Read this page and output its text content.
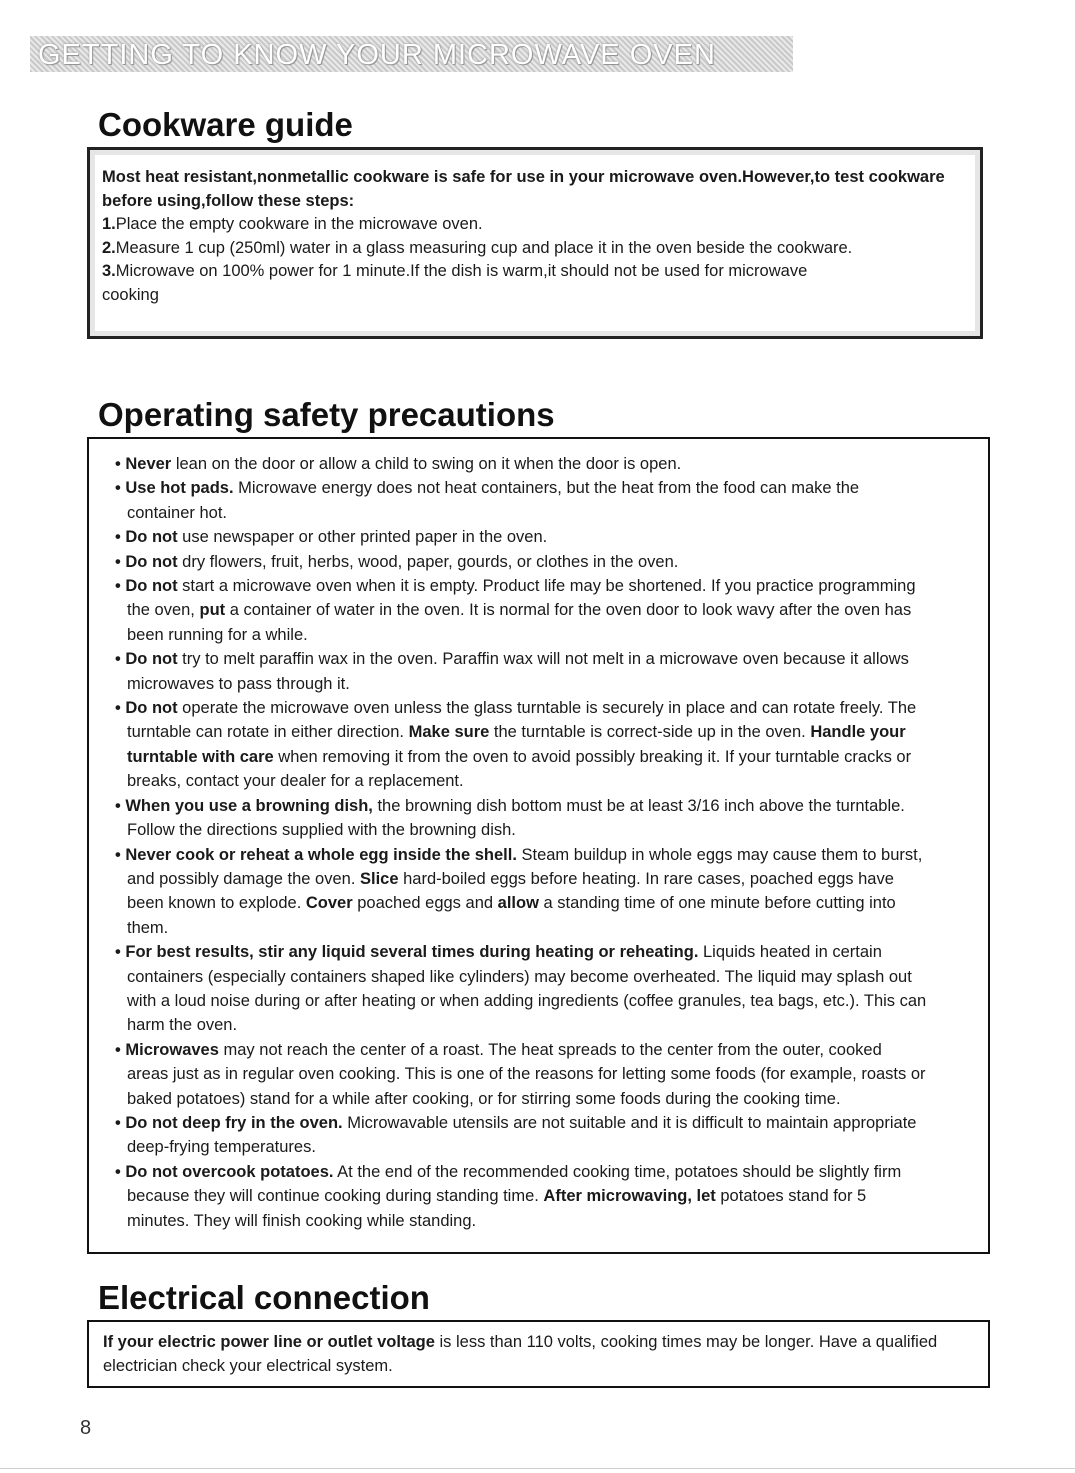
GETTING TO KNOW YOUR MICROWAVE OVEN
Cookware guide

Most heat resistant,nonmetallic cookware is safe for use in your microwave oven.However,to test cookware before using,follow these steps:

1.Place the empty cookware in the microwave oven.

2.Measure 1 cup (250ml) water in a glass measuring cup and place it in the oven beside the cookware.

3.Microwave on 100% power for 1 minute.If the dish is warm,it should not be used for microwave cooking

Operating safety precautions
• Never lean on the door or allow a child to swing on it when the door is open.
• Use hot pads. Microwave energy does not heat containers, but the heat from the food can make the
container hot.
• Do not use newspaper or other printed paper in the oven.
• Do not dry flowers, fruit, herbs, wood, paper, gourds, or clothes in the oven.
• Do not start a microwave oven when it is empty. Product life may be shortened. If you practice programming
the oven, put a container of water in the oven. It is normal for the oven door to look wavy after the oven has
been running for a while.
• Do not try to melt paraffin wax in the oven. Paraffin wax will not melt in a microwave oven because it allows
microwaves to pass through it.
• Do not operate the microwave oven unless the glass turntable is securely in place and can rotate freely. The
turntable can rotate in either direction. Make sure the turntable is correct-side up in the oven. Handle your
turntable with care when removing it from the oven to avoid possibly breaking it. If your turntable cracks or
breaks, contact your dealer for a replacement.
• When you use a browning dish, the browning dish bottom must be at least 3/16 inch above the turntable.
Follow the directions supplied with the browning dish.
• Never cook or reheat a whole egg inside the shell. Steam buildup in whole eggs may cause them to burst,
and possibly damage the oven. Slice hard-boiled eggs before heating. In rare cases, poached eggs have
been known to explode. Cover poached eggs and allow a standing time of one minute before cutting into
them.
• For best results, stir any liquid several times during heating or reheating. Liquids heated in certain
containers (especially containers shaped like cylinders) may become overheated. The liquid may splash out
with a loud noise during or after heating or when adding ingredients (coffee granules, tea bags, etc.). This can
harm the oven.
• Microwaves may not reach the center of a roast. The heat spreads to the center from the outer, cooked
areas just as in regular oven cooking. This is one of the reasons for letting some foods (for example, roasts or
baked potatoes) stand for a while after cooking, or for stirring some foods during the cooking time.
• Do not deep fry in the oven. Microwavable utensils are not suitable and it is difficult to maintain appropriate
deep-frying temperatures.
• Do not overcook potatoes. At the end of the recommended cooking time, potatoes should be slightly firm
because they will continue cooking during standing time. After microwaving, let potatoes stand for 5
minutes. They will finish cooking while standing.
Electrical connection
If your electric power line or outlet voltage is less than 110 volts, cooking times may be longer. Have a qualified electrician check your electrical system.
8
